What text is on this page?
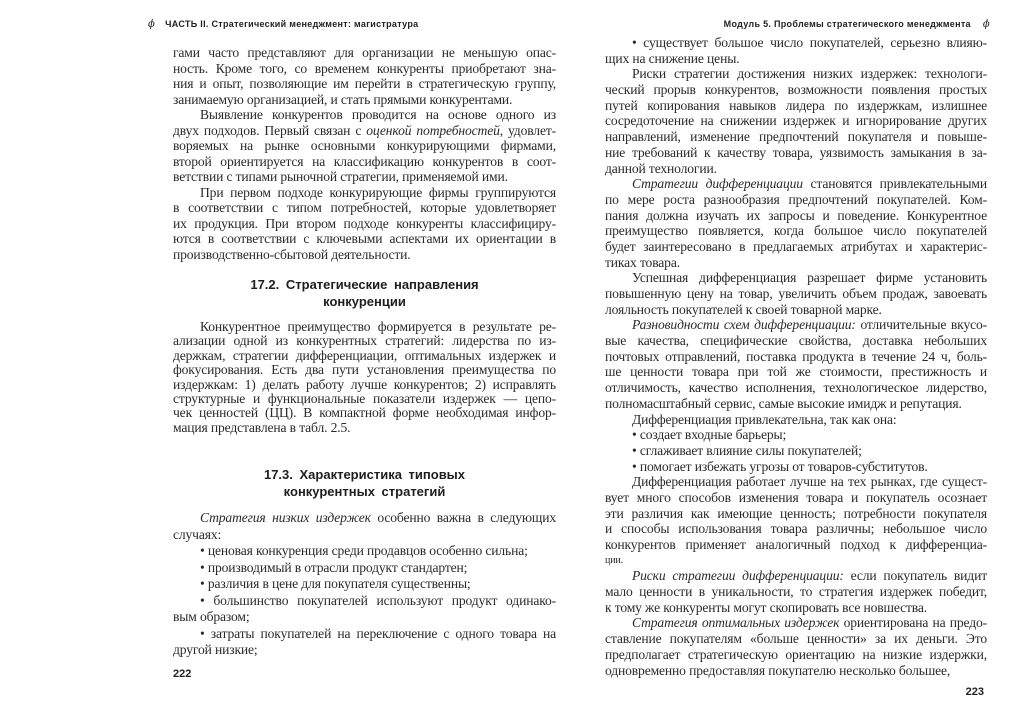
ϕ ЧАСТЬ II. Стратегический менеджмент: магистратура
гами часто представляют для организации не меньшую опас-
ность. Кроме того, со временем конкуренты приобретают зна-
ния и опыт, позволяющие им перейти в стратегическую группу,
занимаемую организацией, и стать прямыми конкурентами.
Выявление конкурентов проводится на основе одного из
двух подходов. Первый связан с оценкой потребностей, удовлет-
воряемых на рынке основными конкурирующими фирмами,
второй ориентируется на классификацию конкурентов в соот-
ветствии с типами рыночной стратегии, применяемой ими.
При первом подходе конкурирующие фирмы группируются
в соответствии с типом потребностей, которые удовлетворяет
их продукция. При втором подходе конкуренты классифициру-
ются в соответствии с ключевыми аспектами их ориентации в
производственно-сбытовой деятельности.
17.2. Стратегические направления
конкуренции
Конкурентное преимущество формируется в результате ре-
ализации одной из конкурентных стратегий: лидерства по из-
держкам, стратегии дифференциации, оптимальных издержек и
фокусирования. Есть два пути установления преимущества по
издержкам: 1) делать работу лучше конкурентов; 2) исправлять
структурные и функциональные показатели издержек — цепо-
чек ценностей (ЦЦ). В компактной форме необходимая инфор-
мация представлена в табл. 2.5.
17.3. Характеристика типовых
конкурентных стратегий
Стратегия низких издержек особенно важна в следующих
случаях:
• ценовая конкуренция среди продавцов особенно сильна;
• производимый в отрасли продукт стандартен;
• различия в цене для покупателя существенны;
• большинство покупателей используют продукт одинако-
вым образом;
• затраты покупателей на переключение с одного товара на
другой низкие;
222
Модуль 5. Проблемы стратегического менеджмента ϕ
• существует большое число покупателей, серьезно влияю-
щих на снижение цены.
Риски стратегии достижения низких издержек: технологи-
ческий прорыв конкурентов, возможности появления простых
путей копирования навыков лидера по издержкам, излишнее
сосредоточение на снижении издержек и игнорирование других
направлений, изменение предпочтений покупателя и повыше-
ние требований к качеству товара, уязвимость замыкания в за-
данной технологии.
Стратегии дифференциации становятся привлекательными
по мере роста разнообразия предпочтений покупателей. Ком-
пания должна изучать их запросы и поведение. Конкурентное
преимущество появляется, когда большое число покупателей
будет заинтересовано в предлагаемых атрибутах и характерис-
тиках товара.
Успешная дифференциация разрешает фирме установить
повышенную цену на товар, увеличить объем продаж, завоевать
лояльность покупателей к своей товарной марке.
Разновидности схем дифференциации: отличительные вкусо-
вые качества, специфические свойства, доставка небольших
почтовых отправлений, поставка продукта в течение 24 ч, боль-
ше ценности товара при той же стоимости, престижность и
отличимость, качество исполнения, технологическое лидерство,
полномасштабный сервис, самые высокие имидж и репутация.
Дифференциация привлекательна, так как она:
• создает входные барьеры;
• сглаживает влияние силы покупателей;
• помогает избежать угрозы от товаров-субститутов.
Дифференциация работает лучше на тех рынках, где сущест-
вует много способов изменения товара и покупатель осознает
эти различия как имеющие ценность; потребности покупателя
и способы использования товара различны; небольшое число
конкурентов применяет аналогичный подход к дифференциа-
ции.
Риски стратегии дифференциации: если покупатель видит
мало ценности в уникальности, то стратегия издержек победит,
к тому же конкуренты могут скопировать все новшества.
Стратегия оптимальных издержек ориентирована на предо-
ставление покупателям «больше ценности» за их деньги. Это
предполагает стратегическую ориентацию на низкие издержки,
одновременно предоставляя покупателю несколько большее,
223
